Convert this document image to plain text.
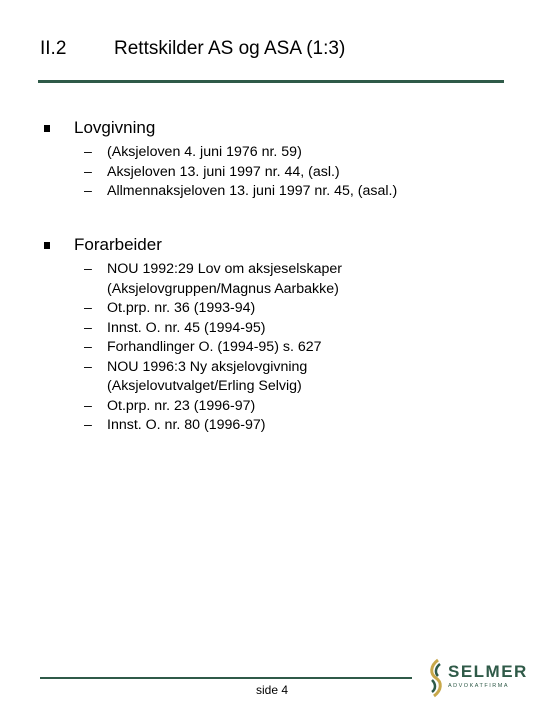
II.2	Rettskilder AS og ASA (1:3)
Lovgivning
– (Aksjeloven 4. juni 1976 nr. 59)
– Aksjeloven 13. juni 1997 nr. 44, (asl.)
– Allmennaksjeloven 13. juni 1997 nr. 45, (asal.)
Forarbeider
– NOU 1992:29 Lov om aksjeselskaper
(Aksjelovgruppen/Magnus Aarbakke)
– Ot.prp. nr. 36 (1993-94)
– Innst. O. nr. 45 (1994-95)
– Forhandlinger O. (1994-95) s. 627
– NOU 1996:3 Ny aksjelovgivning
(Aksjelovutvalget/Erling Selvig)
– Ot.prp. nr. 23 (1996-97)
– Innst. O. nr. 80 (1996-97)
side 4
SELMER
ADVOKATFIRMA
